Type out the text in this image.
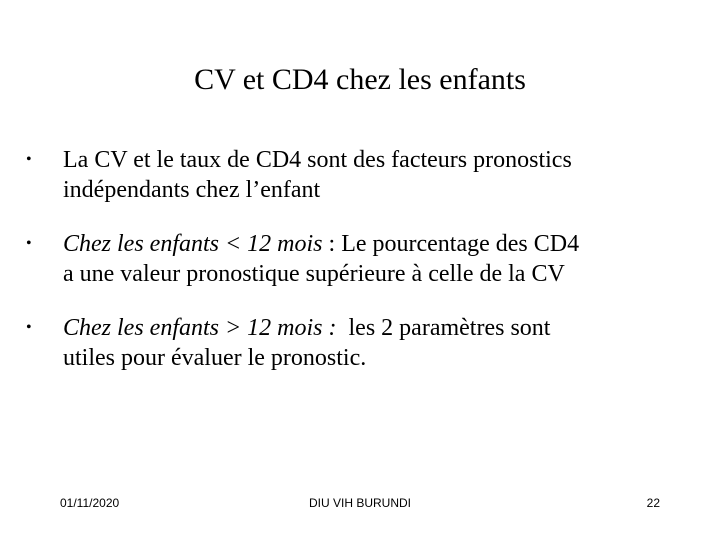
CV et CD4 chez les enfants
• La CV et le taux de CD4 sont des facteurs pronostics
indépendants chez l’enfant
• Chez les enfants < 12 mois : Le pourcentage des CD4
a une valeur pronostique supérieure à celle de la CV
• Chez les enfants > 12 mois :  les 2 paramètres sont
utiles pour évaluer le pronostic.
01/11/2020	DIU VIH BURUNDI	22
